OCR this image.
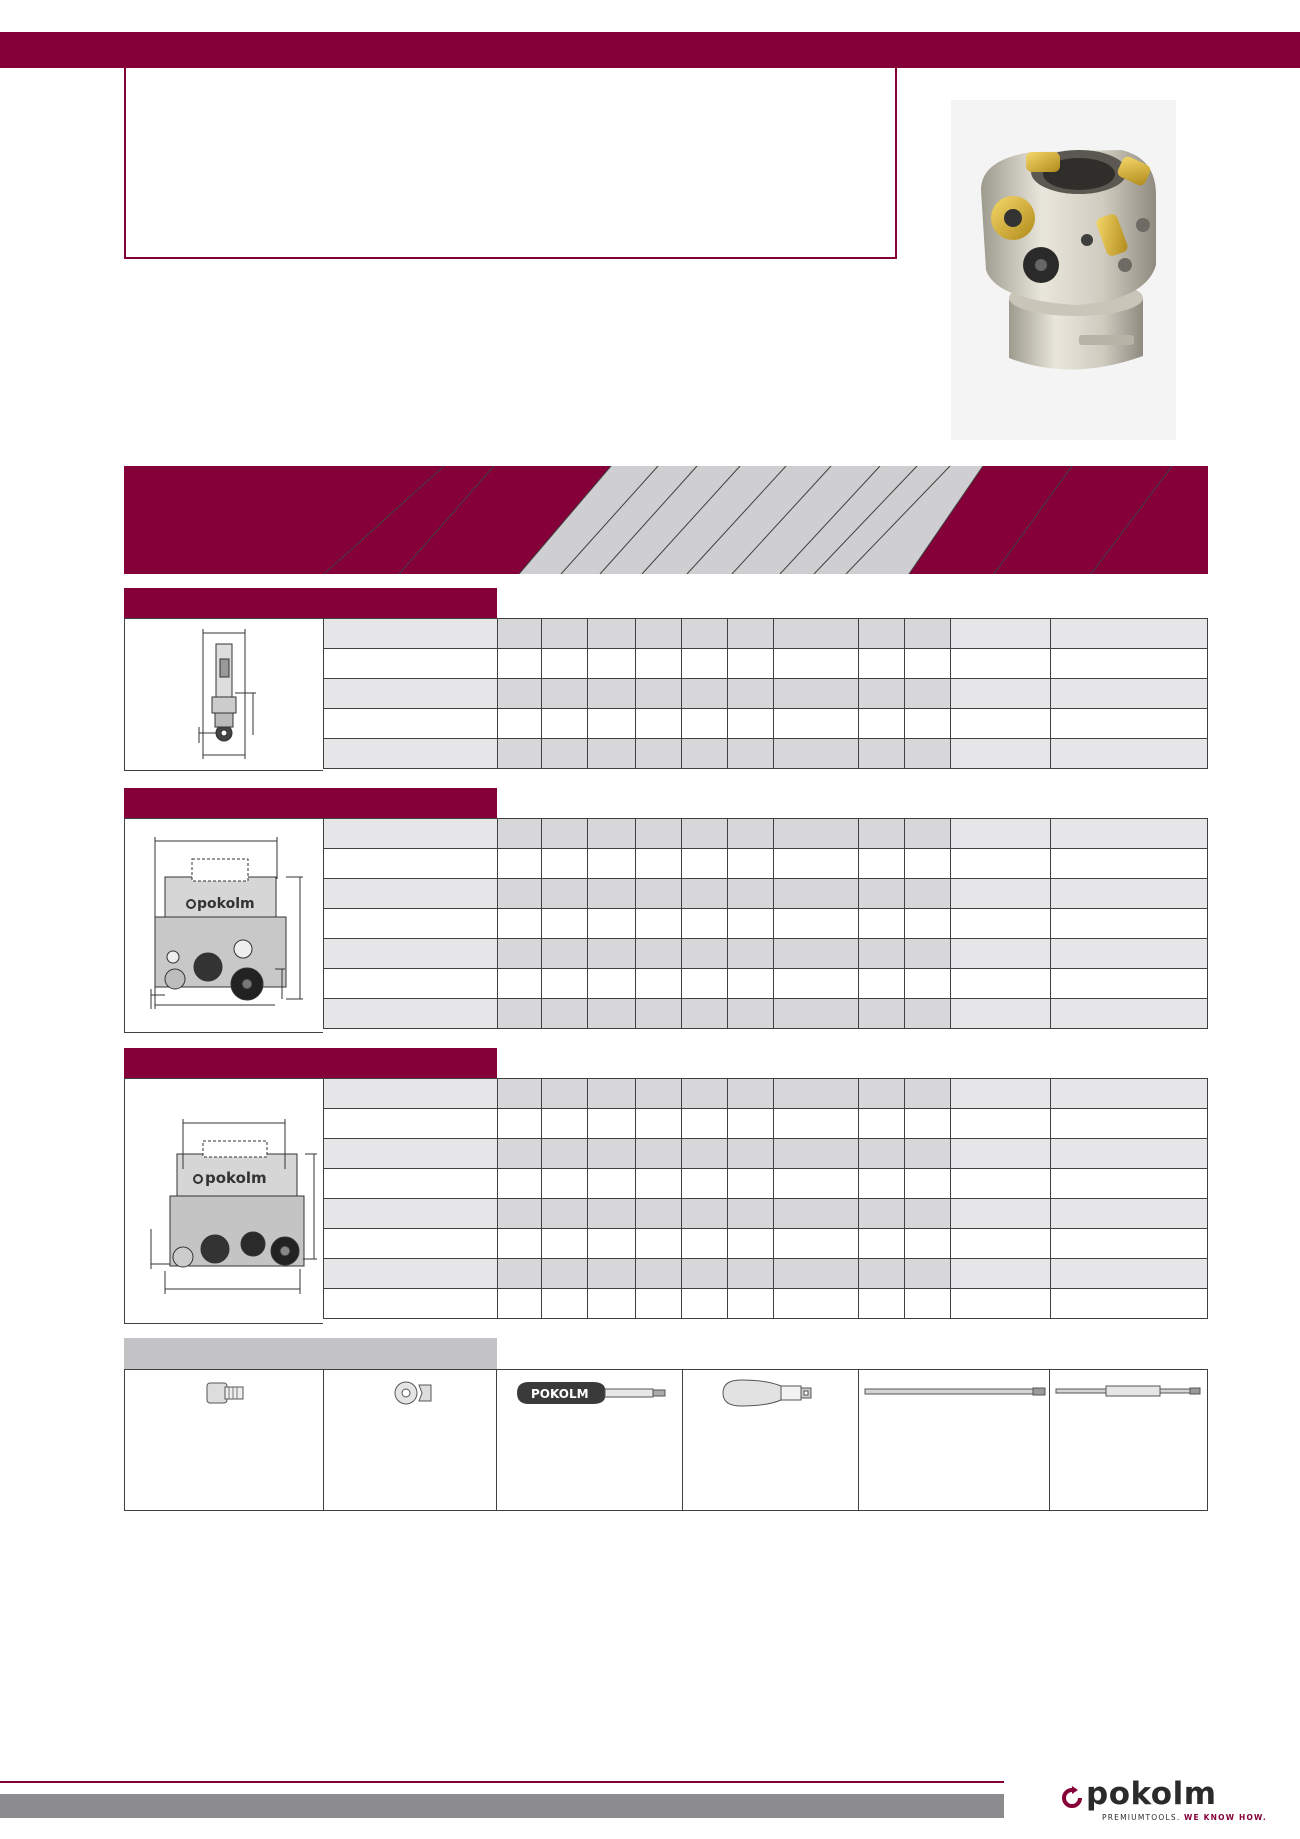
pokolm

pokolm

POKOLM
pokolm
PREMIUMTOOLS. WE KNOW HOW.
